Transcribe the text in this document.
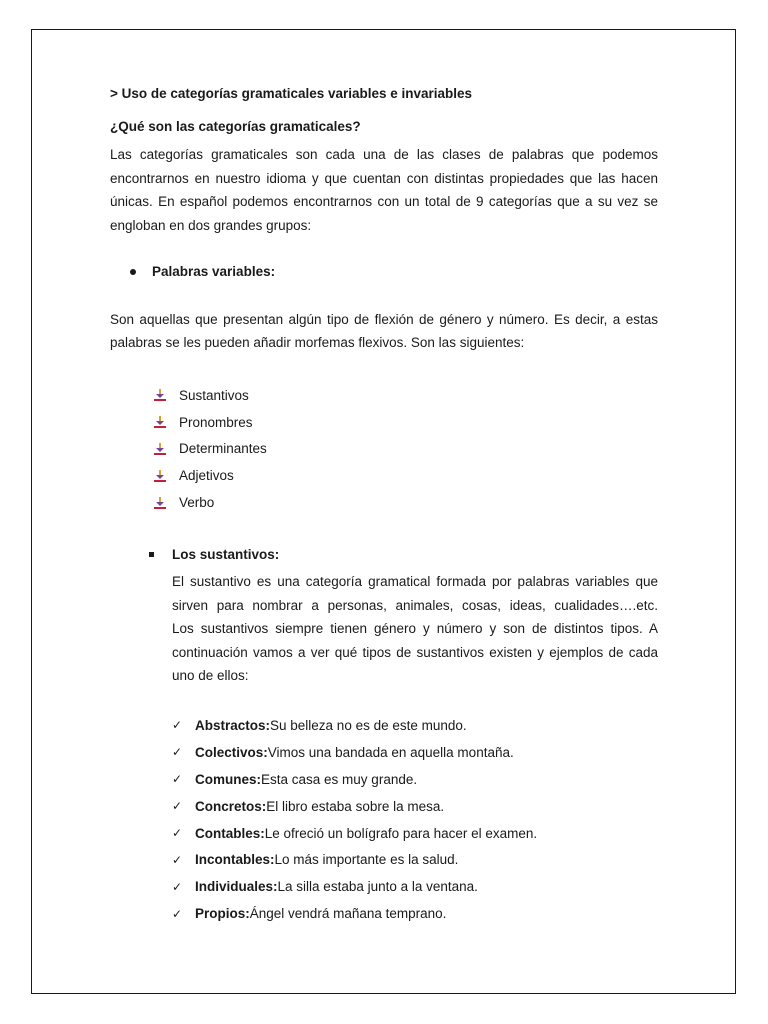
> Uso de categorías gramaticales variables e invariables

¿Qué son las categorías gramaticales?

Las categorías gramaticales son cada una de las clases de palabras que podemos
encontrarnos en nuestro idioma y que cuentan con distintas propiedades que las hacen
únicas. En español podemos encontrarnos con un total de 9 categorías que a su vez se
engloban en dos grandes grupos:

Palabras variables:

Son aquellas que presentan algún tipo de flexión de género y número. Es decir, a estas
palabras se les pueden añadir morfemas flexivos. Son las siguientes:

Sustantivos
Pronombres
Determinantes
Adjetivos
Verbo
Los sustantivos:

El sustantivo es una categoría gramatical formada por palabras variables que
sirven para nombrar a personas, animales, cosas, ideas, cualidades….etc.
Los sustantivos siempre tienen género y número y son de distintos tipos. A
continuación vamos a ver qué tipos de sustantivos existen y ejemplos de cada
uno de ellos:

✓ Abstractos: Su belleza no es de este mundo.
✓ Colectivos: Vimos una bandada en aquella montaña.
✓ Comunes: Esta casa es muy grande.
✓ Concretos: El libro estaba sobre la mesa.
✓ Contables: Le ofreció un bolígrafo para hacer el examen.
✓ Incontables: Lo más importante es la salud.
✓ Individuales: La silla estaba junto a la ventana.
✓ Propios: Ángel vendrá mañana temprano.
